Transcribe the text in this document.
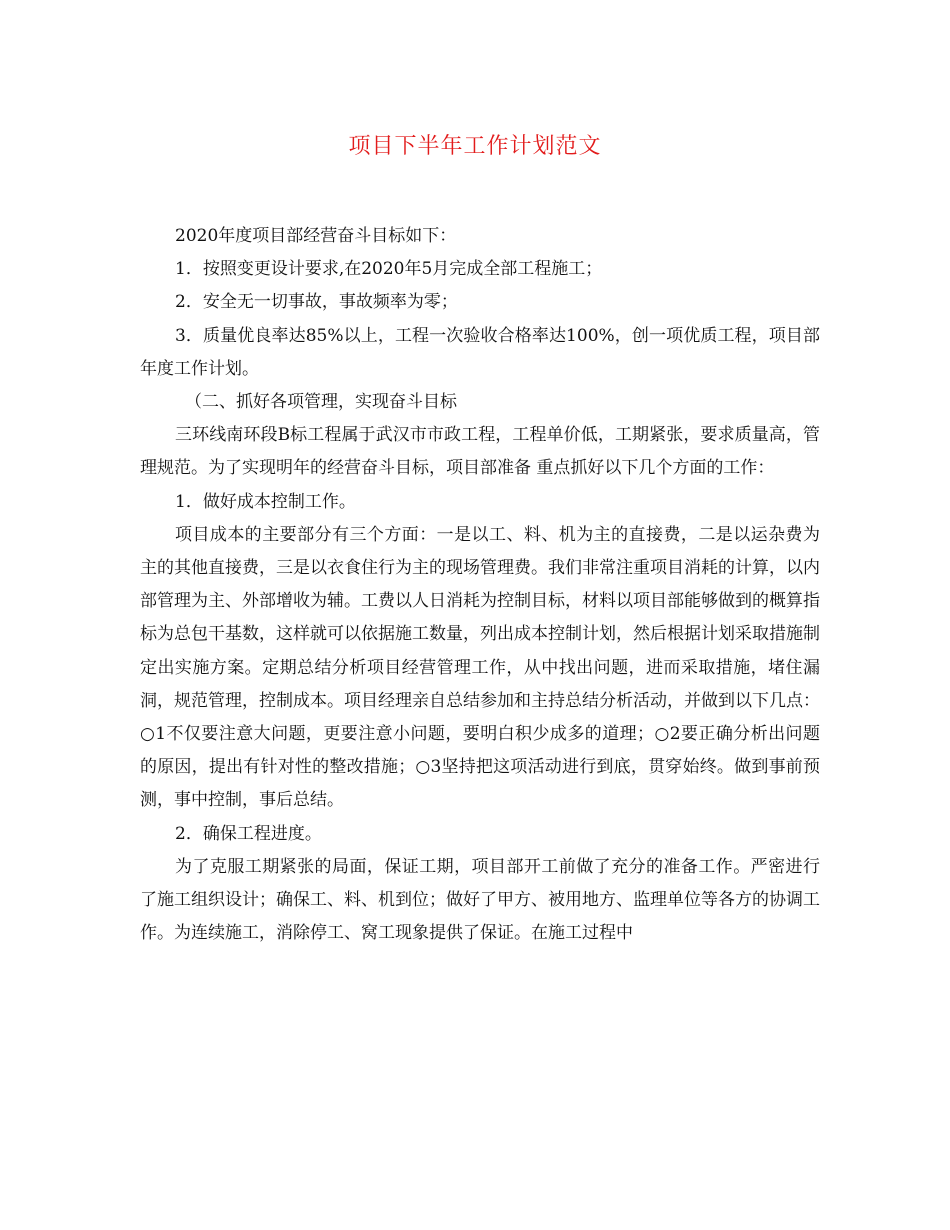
项目下半年工作计划范文

2020年度项目部经营奋斗目标如下：

1．按照变更设计要求,在2020年5月完成全部工程施工；

2．安全无一切事故，事故频率为零；

3．质量优良率达85%以上，工程一次验收合格率达100%，创一项优质工程，项目部年度工作计划。

（二、抓好各项管理，实现奋斗目标

三环线南环段B标工程属于武汉市市政工程，工程单价低，工期紧张，要求质量高，管理规范。为了实现明年的经营奋斗目标，项目部准备 重点抓好以下几个方面的工作：

1．做好成本控制工作。

项目成本的主要部分有三个方面：一是以工、料、机为主的直接费，二是以运杂费为主的其他直接费，三是以衣食住行为主的现场管理费。我们非常注重项目消耗的计算，以内部管理为主、外部增收为辅。工费以人日消耗为控制目标，材料以项目部能够做到的概算指标为总包干基数，这样就可以依据施工数量，列出成本控制计划，然后根据计划采取措施制定出实施方案。定期总结分析项目经营管理工作，从中找出问题，进而采取措施，堵住漏洞，规范管理，控制成本。项目经理亲自总结参加和主持总结分析活动，并做到以下几点：○1不仅要注意大问题，更要注意小问题，要明白积少成多的道理；○2要正确分析出问题的原因，提出有针对性的整改措施；○3坚持把这项活动进行到底，贯穿始终。做到事前预测，事中控制，事后总结。

2．确保工程进度。

为了克服工期紧张的局面，保证工期，项目部开工前做了充分的准备工作。严密进行了施工组织设计；确保工、料、机到位；做好了甲方、被用地方、监理单位等各方的协调工作。为连续施工，消除停工、窝工现象提供了保证。在施工过程中
